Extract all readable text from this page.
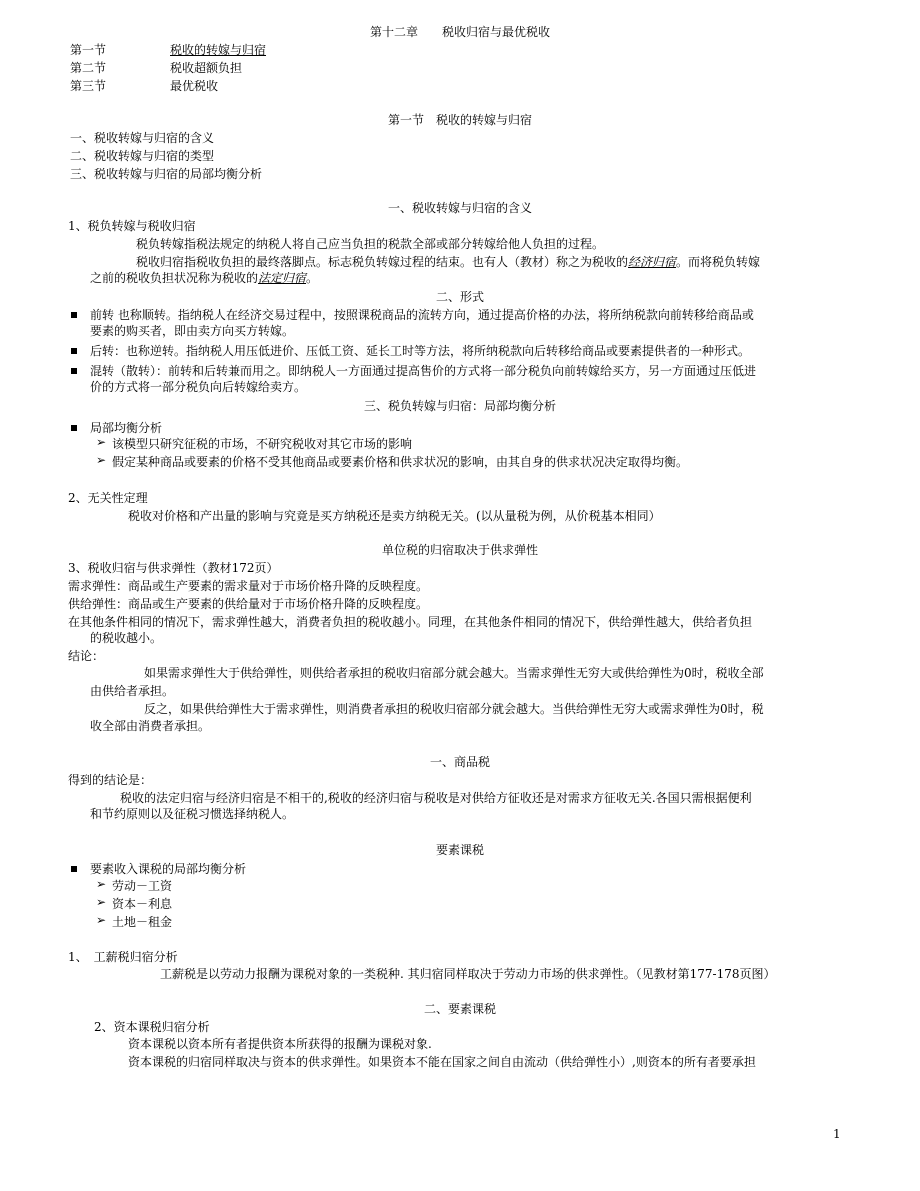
第十二章　　税收归宿与最优税收
第一节	税收的转嫁与归宿
第二节	税收超额负担
第三节	最优税收
第一节　税收的转嫁与归宿
一、税收转嫁与归宿的含义
二、税收转嫁与归宿的类型
三、税收转嫁与归宿的局部均衡分析
一、税收转嫁与归宿的含义
1、税负转嫁与税收归宿
税负转嫁指税法规定的纳税人将自己应当负担的税款全部或部分转嫁给他人负担的过程。
税收归宿指税收负担的最终落脚点。标志税负转嫁过程的结束。也有人（教材）称之为税收的经济归宿。而将税负转嫁
之前的税收负担状况称为税收的法定归宿。
二、形式
前转 也称顺转。指纳税人在经济交易过程中，按照课税商品的流转方向，通过提高价格的办法，将所纳税款向前转移给商品或
要素的购买者，即由卖方向买方转嫁。
后转：也称逆转。指纳税人用压低进价、压低工资、延长工时等方法，将所纳税款向后转移给商品或要素提供者的一种形式。
混转（散转）：前转和后转兼而用之。即纳税人一方面通过提高售价的方式将一部分税负向前转嫁给买方，另一方面通过压低进
价的方式将一部分税负向后转嫁给卖方。
三、税负转嫁与归宿：局部均衡分析
局部均衡分析
➢ 该模型只研究征税的市场，不研究税收对其它市场的影响
➢ 假定某种商品或要素的价格不受其他商品或要素价格和供求状况的影响，由其自身的供求状况决定取得均衡。
2、无关性定理
税收对价格和产出量的影响与究竟是买方纳税还是卖方纳税无关。(以从量税为例，从价税基本相同）
单位税的归宿取决于供求弹性
3、税收归宿与供求弹性（教材172页）
需求弹性：商品或生产要素的需求量对于市场价格升降的反映程度。
供给弹性：商品或生产要素的供给量对于市场价格升降的反映程度。
在其他条件相同的情况下，需求弹性越大，消费者负担的税收越小。同理，在其他条件相同的情况下，供给弹性越大，供给者负担
的税收越小。
结论：
如果需求弹性大于供给弹性，则供给者承担的税收归宿部分就会越大。当需求弹性无穷大或供给弹性为0时，税收全部
由供给者承担。
反之，如果供给弹性大于需求弹性，则消费者承担的税收归宿部分就会越大。当供给弹性无穷大或需求弹性为0时，税
收全部由消费者承担。
一、商品税
得到的结论是：
税收的法定归宿与经济归宿是不相干的,税收的经济归宿与税收是对供给方征收还是对需求方征收无关.各国只需根据便利
和节约原则以及征税习惯选择纳税人。
要素课税
要素收入课税的局部均衡分析
➢ 劳动－工资
➢ 资本－利息
➢ 土地－租金
1、　工薪税归宿分析
工薪税是以劳动力报酬为课税对象的一类税种. 其归宿同样取决于劳动力市场的供求弹性。（见教材第177-178页图）
二、要素课税
2、资本课税归宿分析
资本课税以资本所有者提供资本所获得的报酬为课税对象.
资本课税的归宿同样取决与资本的供求弹性。如果资本不能在国家之间自由流动（供给弹性小）,则资本的所有者要承担
1
